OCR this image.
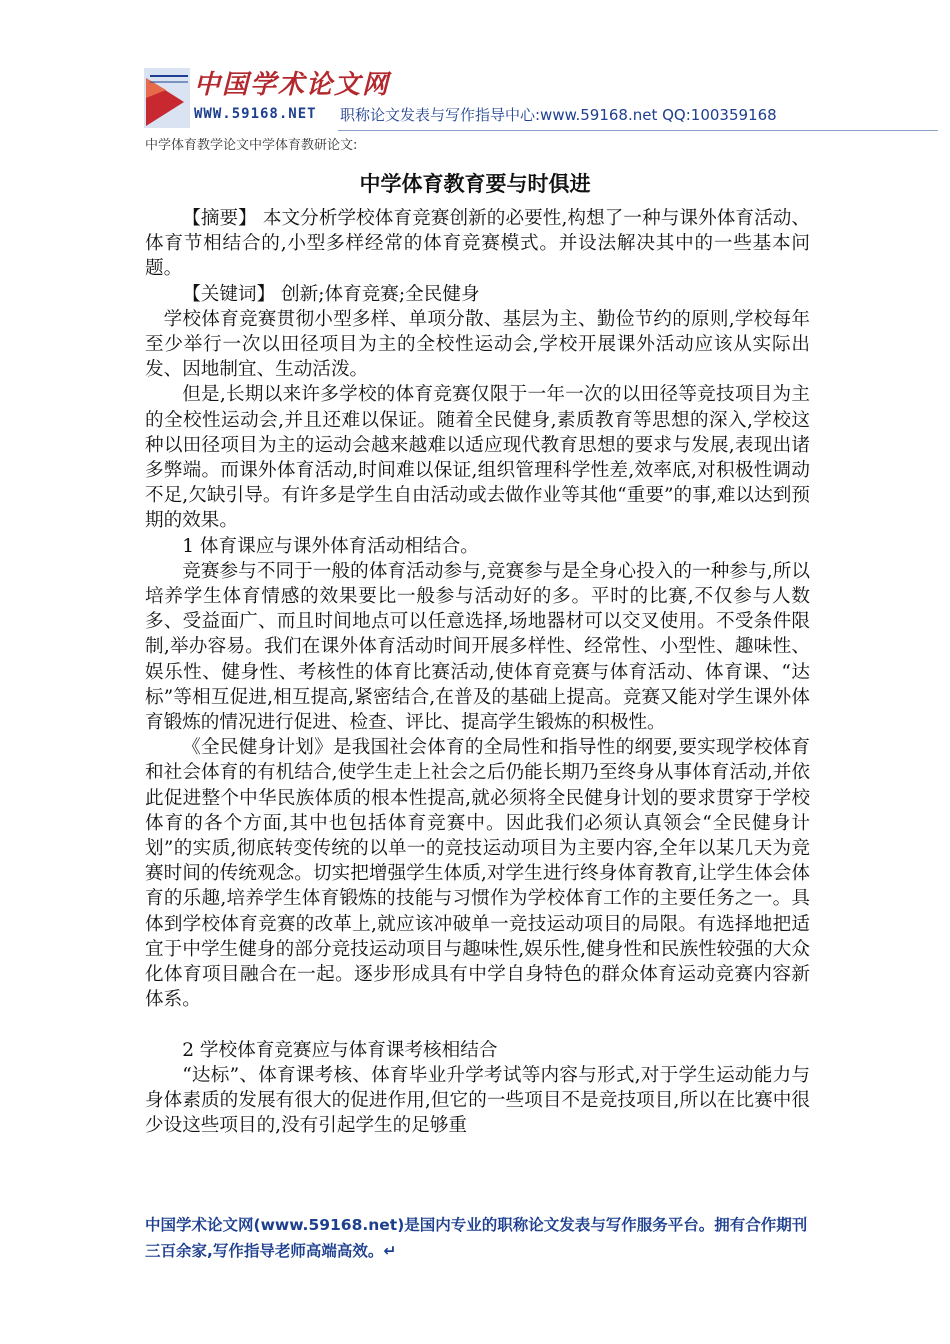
中国学术论文网
WWW.59168.NET 职称论文发表与写作指导中心:www.59168.net QQ:100359168
中学体育教学论文中学体育教研论文:
中学体育教育要与时俱进

【摘要】 本文分析学校体育竞赛创新的必要性,构想了一种与课外体育活动、体育节相结合的,小型多样经常的体育竞赛模式。并设法解决其中的一些基本问题。

【关键词】 创新;体育竞赛;全民健身

学校体育竞赛贯彻小型多样、单项分散、基层为主、勤俭节约的原则,学校每年至少举行一次以田径项目为主的全校性运动会,学校开展课外活动应该从实际出发、因地制宜、生动活泼。

但是,长期以来许多学校的体育竞赛仅限于一年一次的以田径等竞技项目为主的全校性运动会,并且还难以保证。随着全民健身,素质教育等思想的深入,学校这种以田径项目为主的运动会越来越难以适应现代教育思想的要求与发展,表现出诸多弊端。而课外体育活动,时间难以保证,组织管理科学性差,效率底,对积极性调动不足,欠缺引导。有许多是学生自由活动或去做作业等其他“重要”的事,难以达到预期的效果。

1 体育课应与课外体育活动相结合。

竞赛参与不同于一般的体育活动参与,竞赛参与是全身心投入的一种参与,所以培养学生体育情感的效果要比一般参与活动好的多。平时的比赛,不仅参与人数多、受益面广、而且时间地点可以任意选择,场地器材可以交叉使用。不受条件限制,举办容易。我们在课外体育活动时间开展多样性、经常性、小型性、趣味性、娱乐性、健身性、考核性的体育比赛活动,使体育竞赛与体育活动、体育课、“达标”等相互促进,相互提高,紧密结合,在普及的基础上提高。竞赛又能对学生课外体育锻炼的情况进行促进、检查、评比、提高学生锻炼的积极性。

《全民健身计划》是我国社会体育的全局性和指导性的纲要,要实现学校体育和社会体育的有机结合,使学生走上社会之后仍能长期乃至终身从事体育活动,并依此促进整个中华民族体质的根本性提高,就必须将全民健身计划的要求贯穿于学校体育的各个方面,其中也包括体育竞赛中。因此我们必须认真领会“全民健身计划”的实质,彻底转变传统的以单一的竞技运动项目为主要内容,全年以某几天为竞赛时间的传统观念。切实把增强学生体质,对学生进行终身体育教育,让学生体会体育的乐趣,培养学生体育锻炼的技能与习惯作为学校体育工作的主要任务之一。具体到学校体育竞赛的改革上,就应该冲破单一竞技运动项目的局限。有选择地把适宜于中学生健身的部分竞技运动项目与趣味性,娱乐性,健身性和民族性较强的大众化体育项目融合在一起。逐步形成具有中学自身特色的群众体育运动竞赛内容新体系。

2 学校体育竞赛应与体育课考核相结合

“达标”、体育课考核、体育毕业升学考试等内容与形式,对于学生运动能力与身体素质的发展有很大的促进作用,但它的一些项目不是竞技项目,所以在比赛中很少设这些项目的,没有引起学生的足够重

中国学术论文网(www.59168.net)是国内专业的职称论文发表与写作服务平台。拥有合作期刊三百余家,写作指导老师高端高效。↵
